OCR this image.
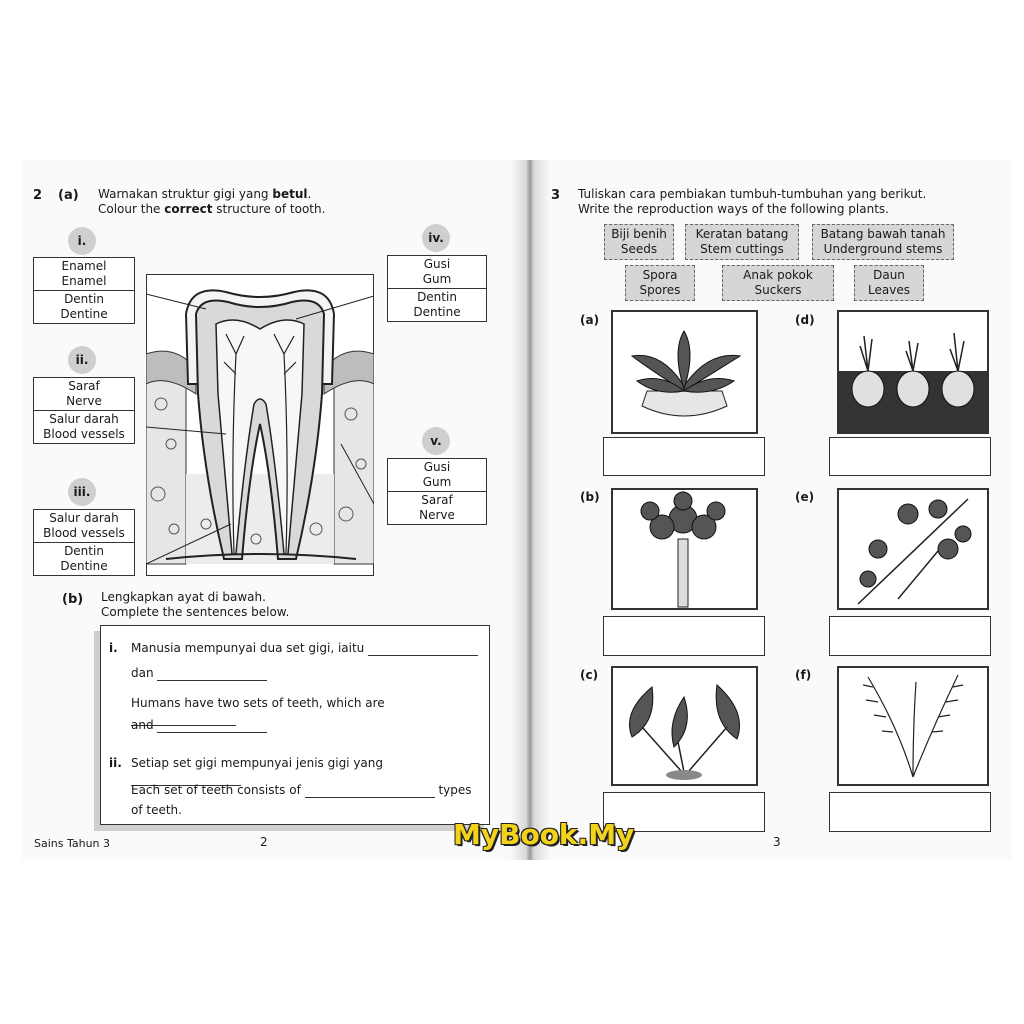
2 (a) Warnakan struktur gigi yang betul.
Colour the correct structure of tooth.
i.
ii.
iii.
iv.
v.
Enamel
Enamel
Dentin
Dentine
Saraf
Nerve
Salur darah
Blood vessels
Salur darah
Blood vessels
Dentin
Dentine
Gusi
Gum
Dentin
Dentine
Gusi
Gum
Saraf
Nerve
(b) Lengkapkan ayat di bawah.
Complete the sentences below.
i. Manusia mempunyai dua set gigi, iaitu
dan
Humans have two sets of teeth, which are
and
ii. Setiap set gigi mempunyai jenis gigi yang
Each set of teeth consists of	types
of teeth.
Sains Tahun 3	2
3 Tuliskan cara pembiakan tumbuh-tumbuhan yang berikut.
Write the reproduction ways of the following plants.
Biji benih
Seeds
Keratan batang
Stem cuttings
Batang bawah tanah
Underground stems
Spora
Spores
Anak pokok
Suckers
Daun
Leaves
(a)
(b)
(c)
(d)
(e)
(f)
3
MyBook.My
